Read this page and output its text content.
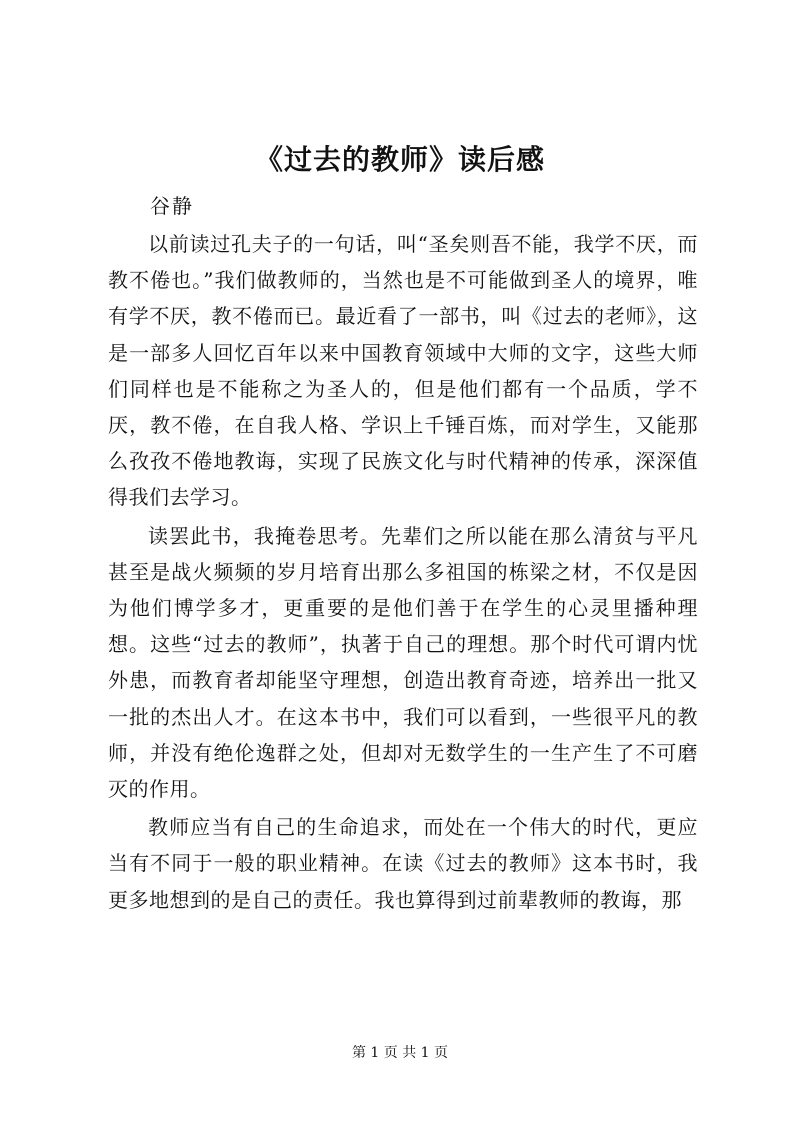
《过去的教师》读后感
谷静

以前读过孔夫子的一句话，叫“圣矣则吾不能，我学不厌，而教不倦也。”我们做教师的，当然也是不可能做到圣人的境界，唯有学不厌，教不倦而已。最近看了一部书，叫《过去的老师》，这是一部多人回忆百年以来中国教育领域中大师的文字，这些大师们同样也是不能称之为圣人的，但是他们都有一个品质，学不厌，教不倦，在自我人格、学识上千锤百炼，而对学生，又能那么孜孜不倦地教诲，实现了民族文化与时代精神的传承，深深值得我们去学习。

读罢此书，我掩卷思考。先辈们之所以能在那么清贫与平凡甚至是战火频频的岁月培育出那么多祖国的栋梁之材，不仅是因为他们博学多才，更重要的是他们善于在学生的心灵里播种理想。这些“过去的教师”，执著于自己的理想。那个时代可谓内忧外患，而教育者却能坚守理想，创造出教育奇迹，培养出一批又一批的杰出人才。在这本书中，我们可以看到，一些很平凡的教师，并没有绝伦逸群之处，但却对无数学生的一生产生了不可磨灭的作用。

教师应当有自己的生命追求，而处在一个伟大的时代，更应当有不同于一般的职业精神。在读《过去的教师》这本书时，我更多地想到的是自己的责任。我也算得到过前辈教师的教诲，那

第 1 页 共 1 页
